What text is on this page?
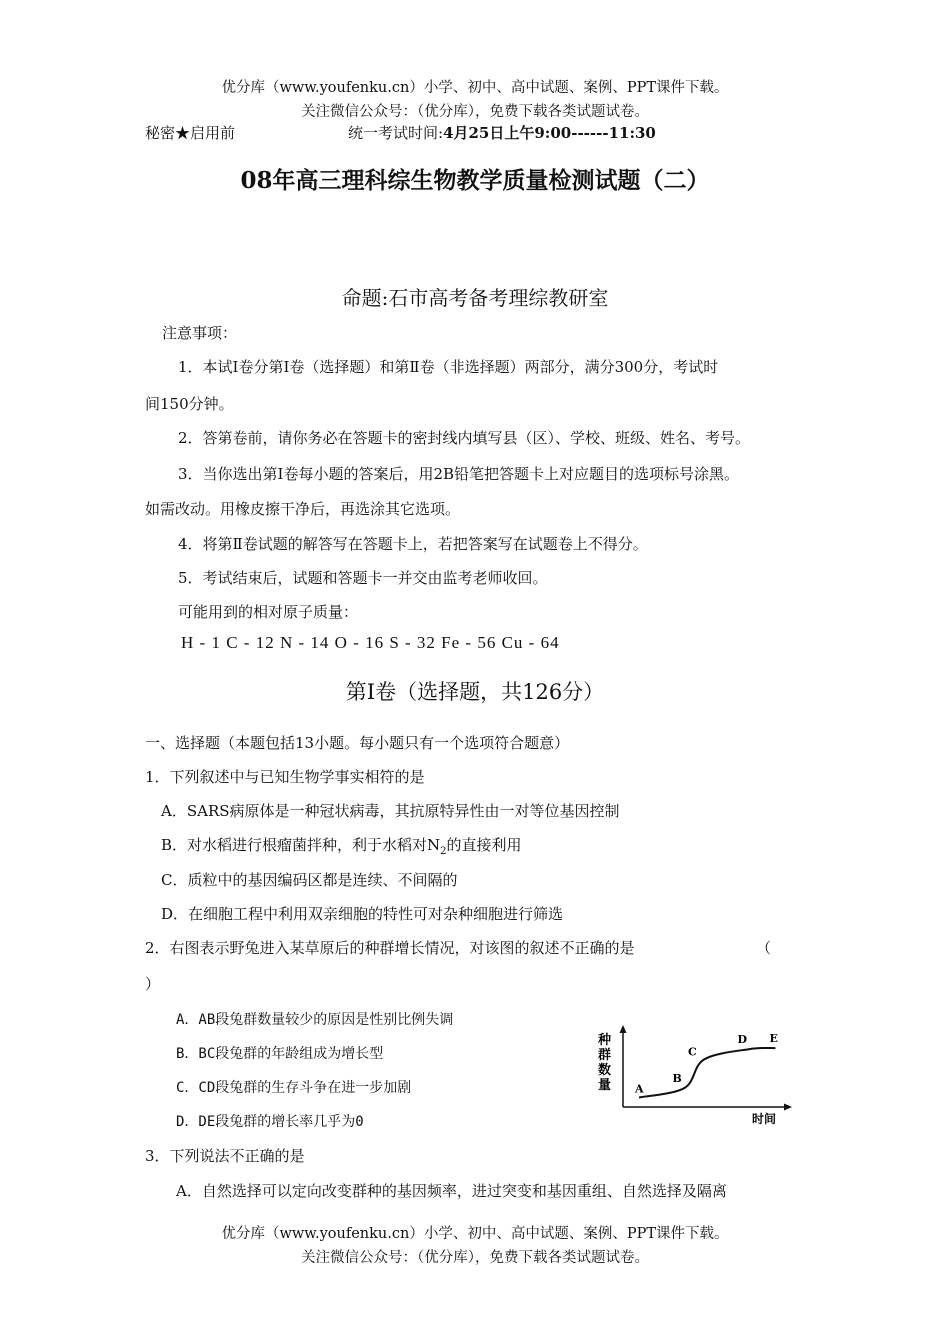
优分库（www.youfenku.cn）小学、初中、高中试题、案例、PPT课件下载。
关注微信公众号：（优分库），免费下载各类试题试卷。
秘密★启用前	统一考试时间:4月25日上午9:00------11:30
08年高三理科综生物教学质量检测试题（二）
命题:石市高考备考理综教研室
注意事项：
1．本试Ⅰ卷分第Ⅰ卷（选择题）和第Ⅱ卷（非选择题）两部分，满分300分，考试时
间150分钟。
2．答第卷前，请你务必在答题卡的密封线内填写县（区）、学校、班级、姓名、考号。
3．当你选出第Ⅰ卷每小题的答案后，用2B铅笔把答题卡上对应题目的选项标号涂黑。
如需改动。用橡皮擦干净后，再选涂其它选项。
4．将第Ⅱ卷试题的解答写在答题卡上，若把答案写在试题卷上不得分。
5．考试结束后，试题和答题卡一并交由监考老师收回。
可能用到的相对原子质量：
H - 1 C - 12 N - 14 O - 16 S - 32 Fe - 56 Cu - 64
第Ⅰ卷（选择题，共126分）
一、选择题（本题包括13小题。每小题只有一个选项符合题意）
1．下列叙述中与已知生物学事实相符的是
A．SARS病原体是一种冠状病毒，其抗原特异性由一对等位基因控制
B．对水稻进行根瘤菌拌种，利于水稻对$N_2$的直接利用
C．质粒中的基因编码区都是连续、不间隔的
D．在细胞工程中利用双亲细胞的特性可对杂种细胞进行筛选
2．右图表示野兔进入某草原后的种群增长情况，对该图的叙述不正确的是	（
）
A．AB段兔群数量较少的原因是性别比例失调
B．BC段兔群的年龄组成为增长型
C．CD段兔群的生存斗争在进一步加剧
D．DE段兔群的增长率几乎为0
种
群
数
量
时间
A
B
C
D E
3．下列说法不正确的是
A．自然选择可以定向改变群种的基因频率，进过突变和基因重组、自然选择及隔离
优分库（www.youfenku.cn）小学、初中、高中试题、案例、PPT课件下载。
关注微信公众号：（优分库），免费下载各类试题试卷。
